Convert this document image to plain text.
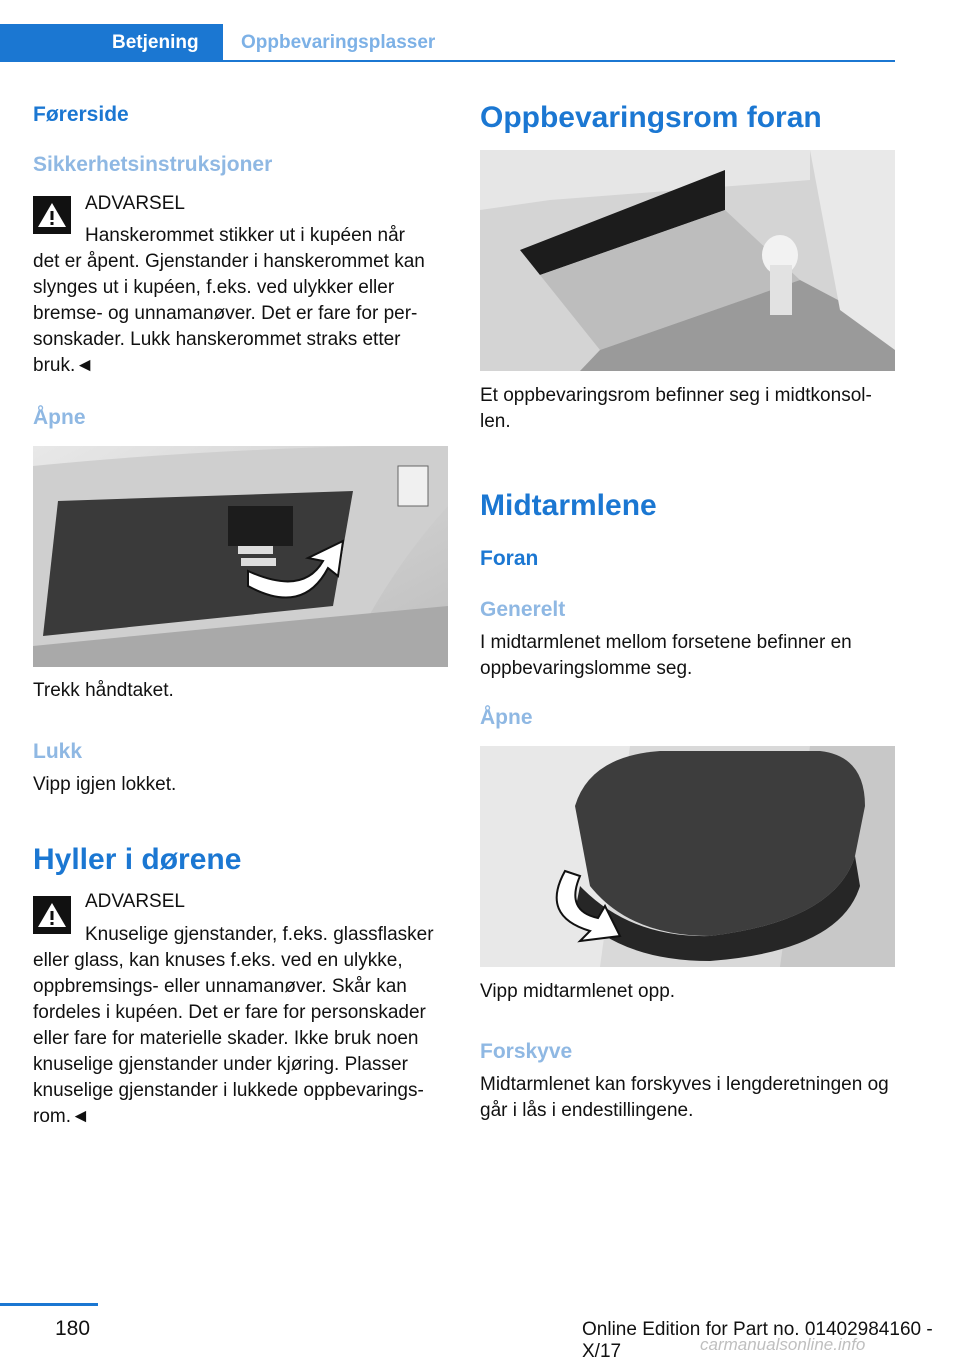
Betjening	Oppbevaringsplasser
Førerside
Sikkerhetsinstruksjoner
ADVARSEL
Hanskerommet stikker ut i kupéen når
det er åpent. Gjenstander i hanskerommet kan slynges ut i kupéen, f.eks. ved ulykker eller bremse- og unnamanøver. Det er fare for per-sonskader. Lukk hanskerommet straks etter bruk.◄
Åpne
Trekk håndtaket.
Lukk
Vipp igjen lokket.
Hyller i dørene
ADVARSEL
Knuselige gjenstander, f.eks. glassflasker
eller glass, kan knuses f.eks. ved en ulykke, oppbremsings- eller unnamanøver. Skår kan fordeles i kupéen. Det er fare for personskader eller fare for materielle skader. Ikke bruk noen knuselige gjenstander under kjøring. Plasser knuselige gjenstander i lukkede oppbevarings-rom.◄
Oppbevaringsrom foran
Et oppbevaringsrom befinner seg i midtkonsol-len.
Midtarmlene
Foran
Generelt
I midtarmlenet mellom forsetene befinner en oppbevaringslomme seg.
Åpne
Vipp midtarmlenet opp.
Forskyve
Midtarmlenet kan forskyves i lengderetningen og går i lås i endestillingene.
180	Online Edition for Part no. 01402984160 - X/17	carmanualsonline.info
